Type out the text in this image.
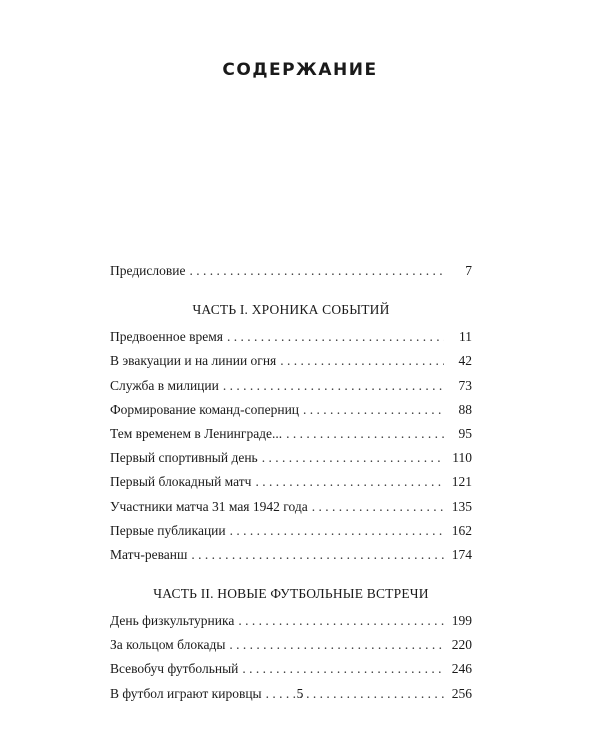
СОДЕРЖАНИЕ
Предисловие . . .	7
ЧАСТЬ I. ХРОНИКА СОБЫТИЙ
Предвоенное время . . .	11
В эвакуации и на линии огня . . .	42
Служба в милиции . . .	73
Формирование команд-соперниц . . .	88
Тем временем в Ленинграде... . . .	95
Первый спортивный день . . .	110
Первый блокадный матч . . .	121
Участники матча 31 мая 1942 года . . .	135
Первые публикации . . .	162
Матч-реванш . . .	174
ЧАСТЬ II. НОВЫЕ ФУТБОЛЬНЫЕ ВСТРЕЧИ
День физкультурника . . .	199
За кольцом блокады . . .	220
Всевобуч футбольный . . .	246
В футбол играют кировцы . . .	256
5
